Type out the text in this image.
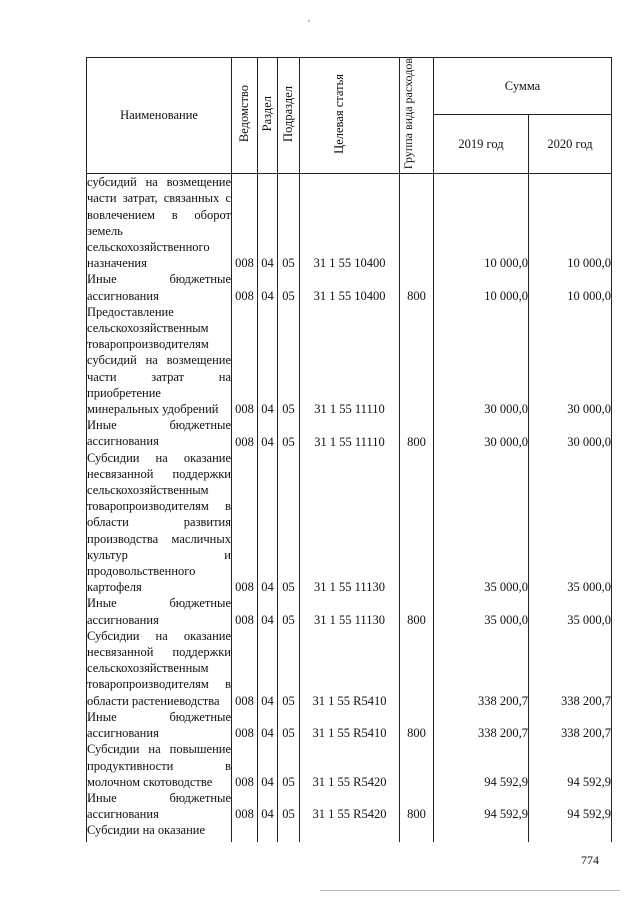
'
Наименование	Ведомство	Раздел	Подраздел	Целевая статья	Группа вида расходов	Сумма	
						2019 год	2020 год
субсидий на возмещение части затрат, связанных с вовлечением в оборот земель сельскохозяйственного назначения	008	04	05	31 1 55 10400		10 000,0	10 000,0
Иные бюджетные ассигнования	008	04	05	31 1 55 10400	800	10 000,0	10 000,0
Предоставление сельскохозяйственным товаропроизводителям субсидий на возмещение части затрат на приобретение минеральных удобрений	008	04	05	31 1 55 11110		30 000,0	30 000,0
Иные бюджетные ассигнования	008	04	05	31 1 55 11110	800	30 000,0	30 000,0
Субсидии на оказание несвязанной поддержки сельскохозяйственным товаропроизводителям в области развития производства масличных культур и продовольственного картофеля	008	04	05	31 1 55 11130		35 000,0	35 000,0
Иные бюджетные ассигнования	008	04	05	31 1 55 11130	800	35 000,0	35 000,0
Субсидии на оказание несвязанной поддержки сельскохозяйственным товаропроизводителям в области растениеводства	008	04	05	31 1 55 R5410		338 200,7	338 200,7
Иные бюджетные ассигнования	008	04	05	31 1 55 R5410	800	338 200,7	338 200,7
Субсидии на повышение продуктивности в молочном скотоводстве	008	04	05	31 1 55 R5420		94 592,9	94 592,9
Иные бюджетные ассигнования	008	04	05	31 1 55 R5420	800	94 592,9	94 592,9
Субсидии на оказание							
774
